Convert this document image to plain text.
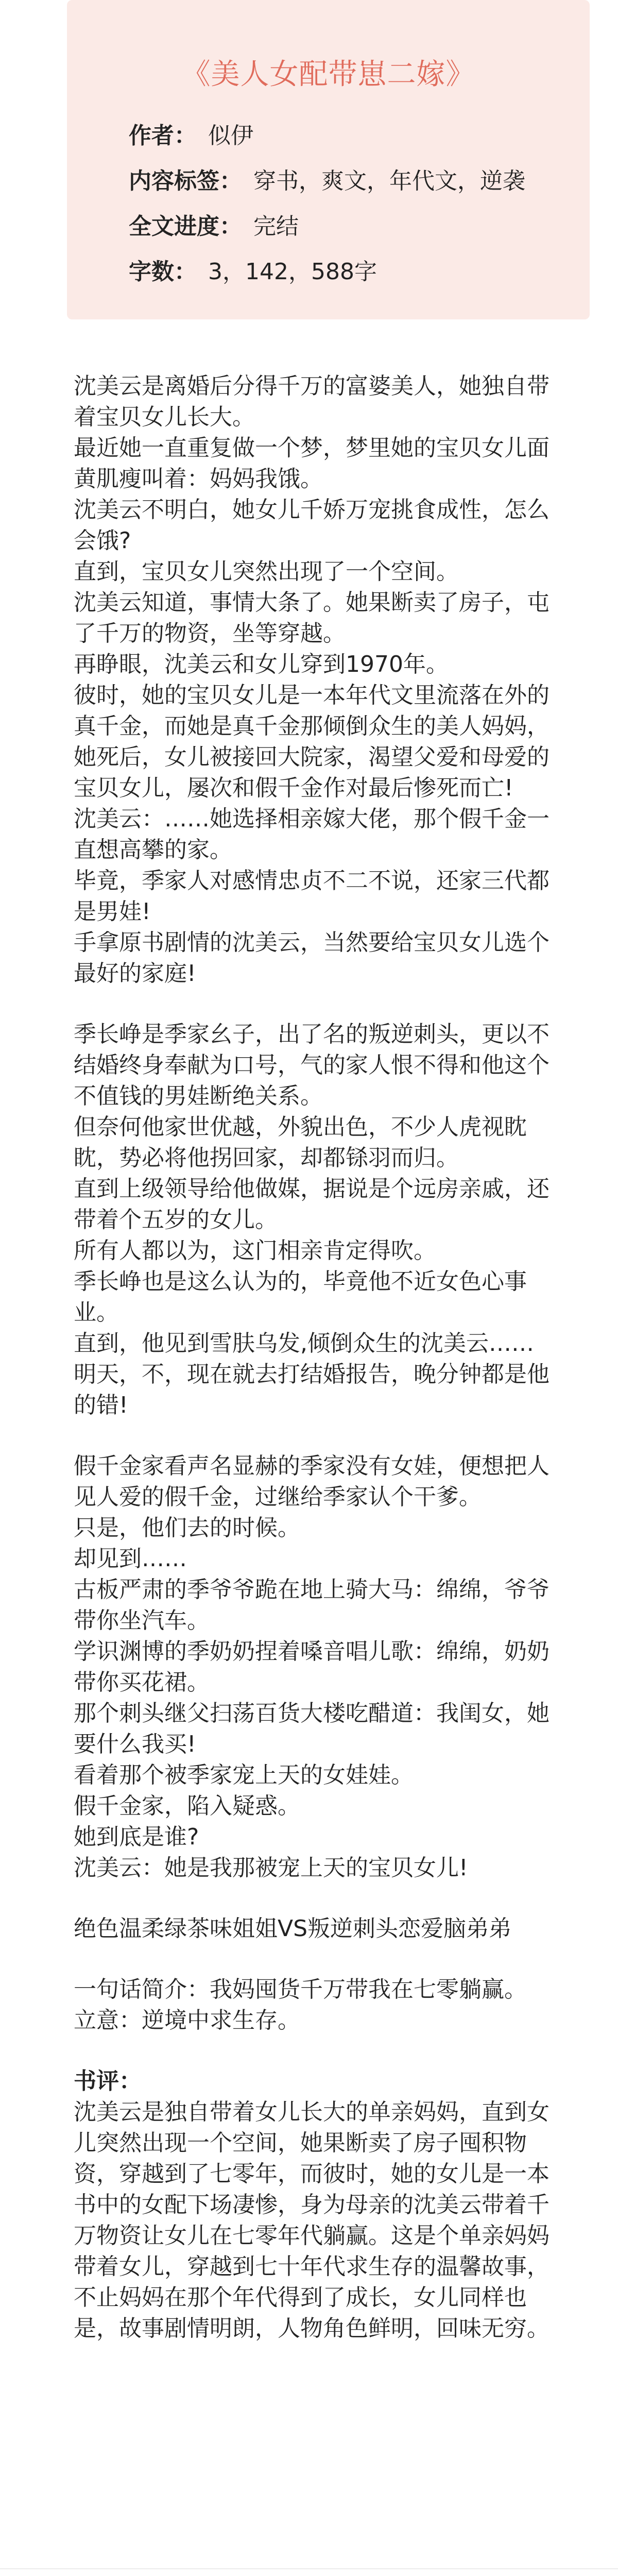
《美人女配带崽二嫁》
作者： 似伊
内容标签： 穿书，爽文，年代文，逆袭
全文进度： 完结
字数： 3，142，588字

沈美云是离婚后分得千万的富婆美人，她独自带着宝贝女儿长大。

最近她一直重复做一个梦，梦里她的宝贝女儿面黄肌瘦叫着：妈妈我饿。

沈美云不明白，她女儿千娇万宠挑食成性，怎么会饿?

直到，宝贝女儿突然出现了一个空间。

沈美云知道，事情大条了。她果断卖了房子，屯了千万的物资，坐等穿越。

再睁眼，沈美云和女儿穿到1970年。

彼时，她的宝贝女儿是一本年代文里流落在外的真千金，而她是真千金那倾倒众生的美人妈妈，她死后，女儿被接回大院家，渴望父爱和母爱的宝贝女儿，屡次和假千金作对最后惨死而亡!

沈美云：……她选择相亲嫁大佬，那个假千金一直想高攀的家。

毕竟，季家人对感情忠贞不二不说，还家三代都是男娃!

手拿原书剧情的沈美云，当然要给宝贝女儿选个最好的家庭!

季长峥是季家幺子，出了名的叛逆刺头，更以不结婚终身奉献为口号，气的家人恨不得和他这个不值钱的男娃断绝关系。

但奈何他家世优越，外貌出色，不少人虎视眈眈，势必将他拐回家，却都铩羽而归。

直到上级领导给他做媒，据说是个远房亲戚，还带着个五岁的女儿。

所有人都以为，这门相亲肯定得吹。

季长峥也是这么认为的，毕竟他不近女色心事业。

直到，他见到雪肤乌发,倾倒众生的沈美云……

明天，不，现在就去打结婚报告，晚分钟都是他的错!

假千金家看声名显赫的季家没有女娃，便想把人见人爱的假千金，过继给季家认个干爹。

只是，他们去的时候。

却见到……

古板严肃的季爷爷跪在地上骑大马：绵绵，爷爷带你坐汽车。

学识渊博的季奶奶捏着嗓音唱儿歌：绵绵，奶奶带你买花裙。

那个刺头继父扫荡百货大楼吃醋道：我闺女，她要什么我买!

看着那个被季家宠上天的女娃娃。

假千金家，陷入疑惑。

她到底是谁?

沈美云：她是我那被宠上天的宝贝女儿!

绝色温柔绿茶味姐姐VS叛逆刺头恋爱脑弟弟

一句话简介：我妈囤货千万带我在七零躺赢。

立意：逆境中求生存。

书评：

沈美云是独自带着女儿长大的单亲妈妈，直到女儿突然出现一个空间，她果断卖了房子囤积物资，穿越到了七零年，而彼时，她的女儿是一本书中的女配下场凄惨，身为母亲的沈美云带着千万物资让女儿在七零年代躺赢。这是个单亲妈妈带着女儿，穿越到七十年代求生存的温馨故事，不止妈妈在那个年代得到了成长，女儿同样也是，故事剧情明朗，人物角色鲜明，回味无穷。
